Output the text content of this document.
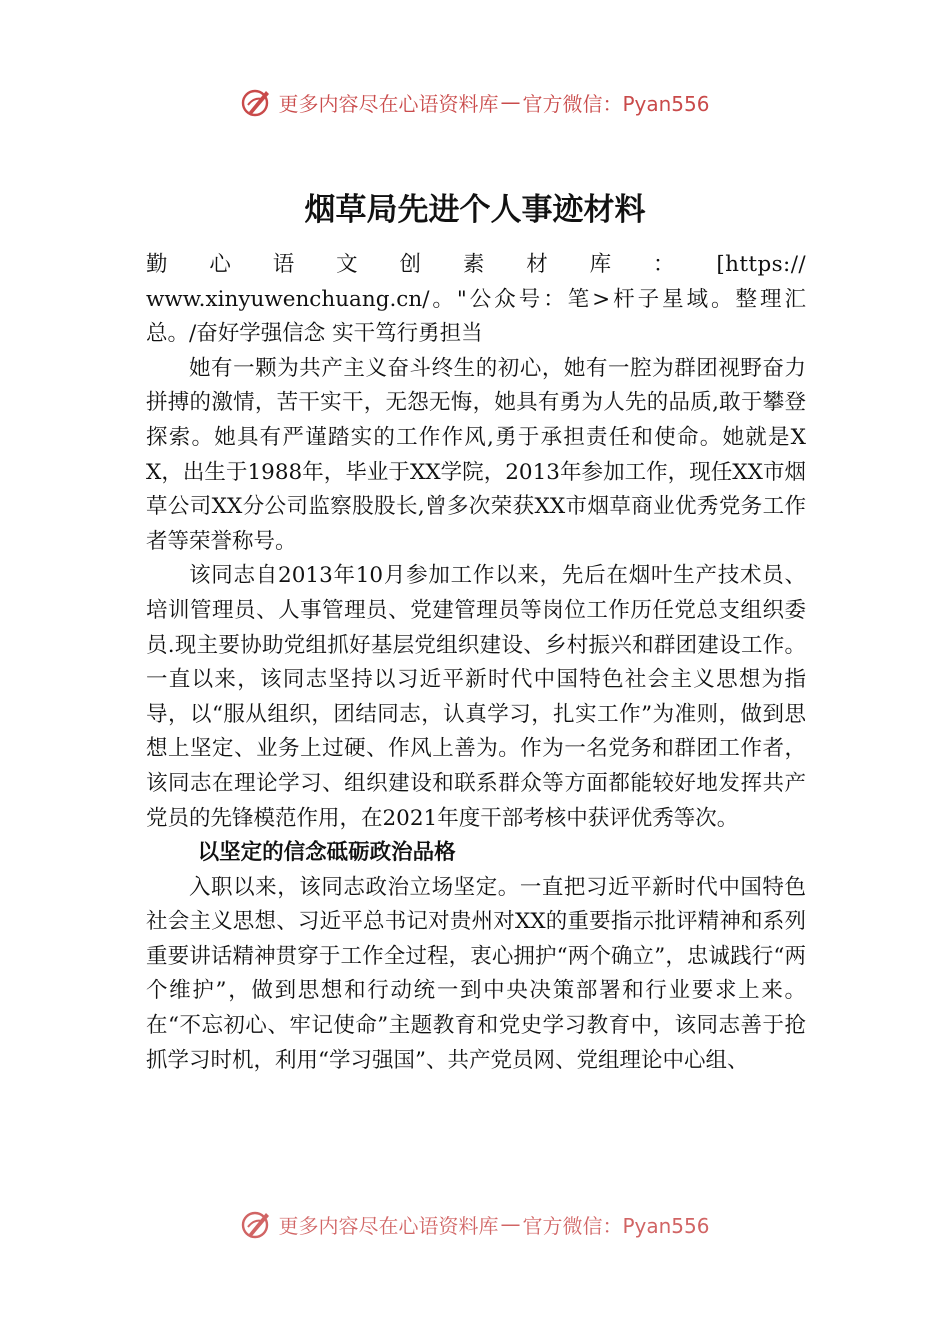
更多内容尽在心语资料库 — 官方微信：Pyan556
烟草局先进个人事迹材料

勤 心 语 文 创 素 材 库 ： [https://

www.xinyuwenchuang.cn/。"公众号：笔>杆子星域。整理汇总。/奋好学强信念 实干笃行勇担当

她有一颗为共产主义奋斗终生的初心，她有一腔为群团视野奋力拼搏的激情，苦干实干，无怨无悔，她具有勇为人先的品质,敢于攀登探索。她具有严谨踏实的工作作风,勇于承担责任和使命。她就是XX，出生于1988年，毕业于XX学院，2013年参加工作，现任XX市烟草公司XX分公司监察股股长,曾多次荣获XX市烟草商业优秀党务工作者等荣誉称号。

该同志自2013年10月参加工作以来，先后在烟叶生产技术员、培训管理员、人事管理员、党建管理员等岗位工作历任党总支组织委员.现主要协助党组抓好基层党组织建设、乡村振兴和群团建设工作。一直以来，该同志坚持以习近平新时代中国特色社会主义思想为指导，以“服从组织，团结同志，认真学习，扎实工作”为准则，做到思想上坚定、业务上过硬、作风上善为。作为一名党务和群团工作者，该同志在理论学习、组织建设和联系群众等方面都能较好地发挥共产党员的先锋模范作用，在2021年度干部考核中获评优秀等次。

以坚定的信念砥砺政治品格

入职以来，该同志政治立场坚定。一直把习近平新时代中国特色社会主义思想、习近平总书记对贵州对XX的重要指示批评精神和系列重要讲话精神贯穿于工作全过程，衷心拥护“两个确立”，忠诚践行“两个维护”，做到思想和行动统一到中央决策部署和行业要求上来。在“不忘初心、牢记使命”主题教育和党史学习教育中，该同志善于抢抓学习时机，利用“学习强国”、共产党员网、党组理论中心组、

更多内容尽在心语资料库 — 官方微信：Pyan556
